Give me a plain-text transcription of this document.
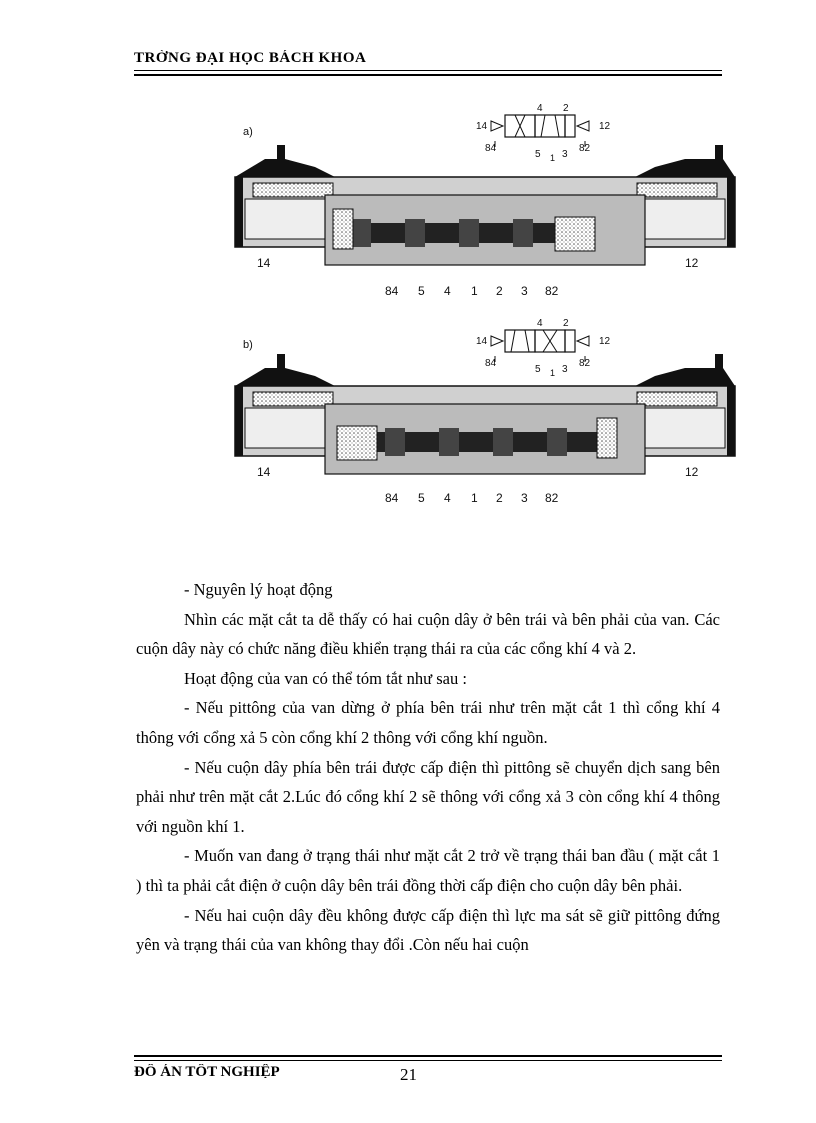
TRỜNG ĐẠI HỌC BÁCH KHOA
a)	14
4 2
12
84
5 1 3
82
14	12
84 5 4 1 2 3 82
b)	14
4 2
12
84
5 1 3
82
14	12
84 5 4 1 2 3 82

- Nguyên lý hoạt động

Nhìn các mặt cắt ta dễ thấy có hai cuộn dây ở bên trái và bên phải của van. Các cuộn dây này có chức năng điều khiển trạng thái ra của các cổng khí 4 và 2.

Hoạt động của van có thể tóm tắt như sau :

- Nếu pittông của van dừng ở phía bên trái như trên mặt cắt 1 thì cổng khí 4 thông với cổng xả 5 còn cổng khí 2 thông với cổng khí nguồn.

- Nếu cuộn dây phía bên trái được cấp điện thì pittông sẽ chuyển dịch sang bên phải như trên mặt cắt 2.Lúc đó cổng khí 2 sẽ thông với cổng xả 3 còn cổng khí 4 thông với nguồn khí 1.

- Muốn van đang ở trạng thái như mặt cắt 2 trở về trạng thái ban đầu ( mặt cắt 1 ) thì ta phải cắt điện ở cuộn dây bên trái đồng thời cấp điện cho cuộn dây bên phải.

- Nếu hai cuộn dây đều không được cấp điện thì lực ma sát sẽ giữ pittông đứng yên và trạng thái của van không thay đổi .Còn nếu hai cuộn

ĐỒ ÁN TỐT NGHIỆP	21
